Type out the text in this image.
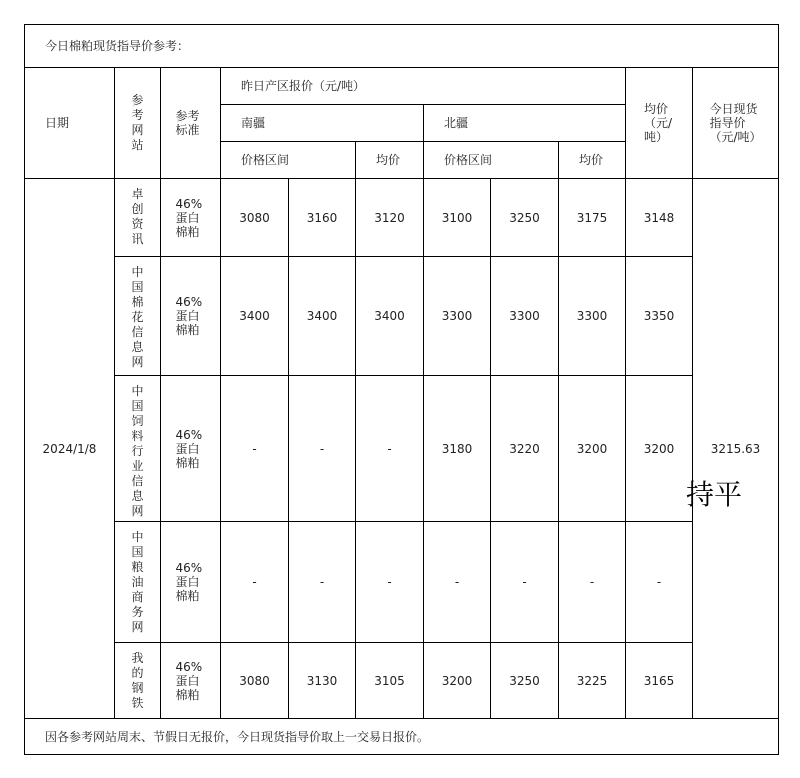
今日棉粕现货指导价参考：										
日期	参考网站	参考标准	昨日产区报价（元/吨）						均价（元/吨）	今日现货指导价（元/吨）
			南疆			北疆				
			价格区间		均价	价格区间		均价		
2024/1/8	卓创资讯	46%蛋白棉粕	3080	3160	3120	3100	3250	3175	3148	3215.63
	中国棉花信息网	46%蛋白棉粕	3400	3400	3400	3300	3300	3300	3350	
	中国饲料行业信息网	46%蛋白棉粕	-	-	-	3180	3220	3200	3200	
	中国粮油商务网	46%蛋白棉粕	-	-	-	-	-	-	-	
	我的钢铁	46%蛋白棉粕	3080	3130	3105	3200	3250	3225	3165	
因各参考网站周末、节假日无报价，今日现货指导价取上一交易日报价。										
持平
